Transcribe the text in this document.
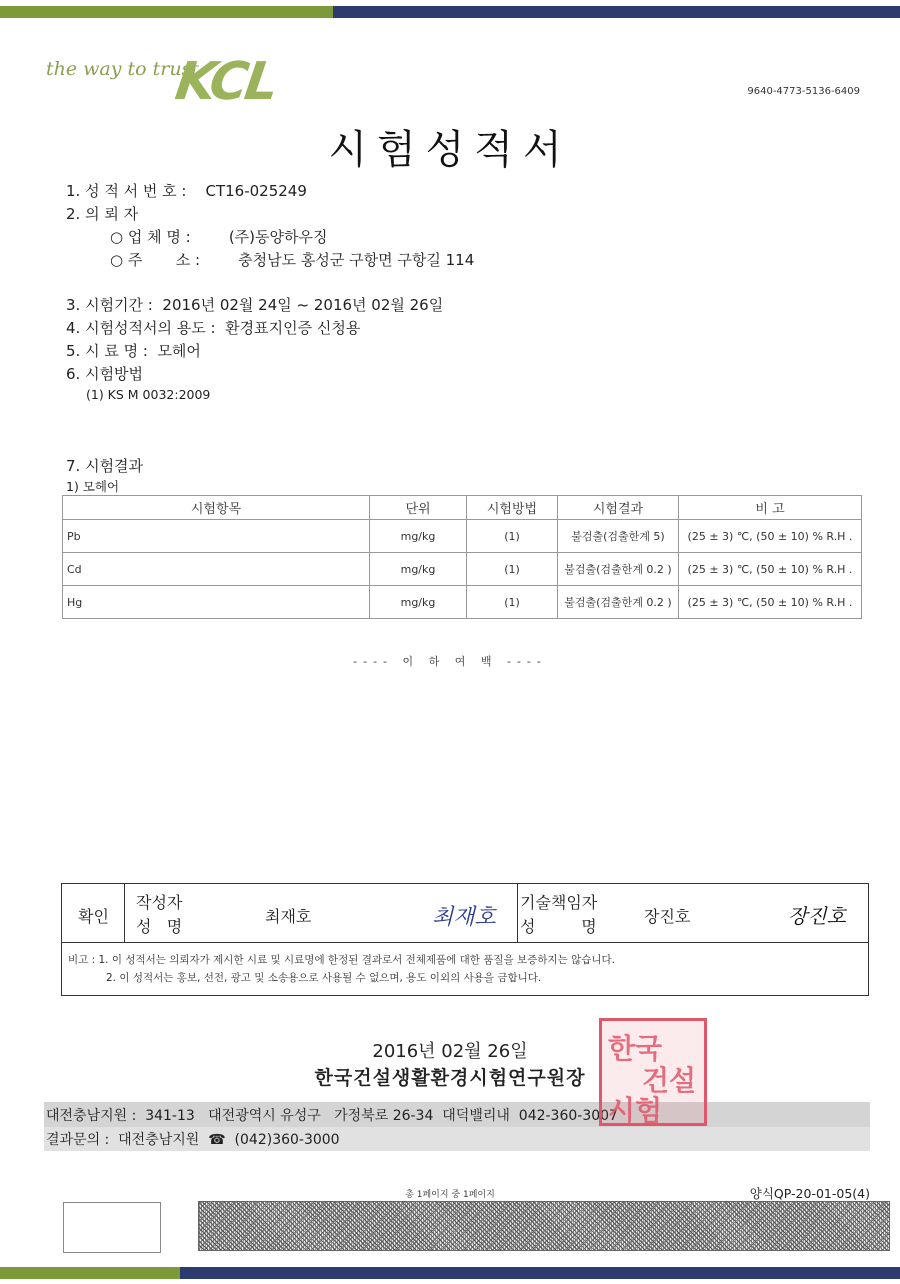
the way to trust
KCL	9640-4773-5136-6409
시험성적서
1. 성 적 서 번 호 :    CT16-025249
2. 의 뢰 자
○ 업 체 명 :        (주)동양하우징
○ 주       소 :        충청남도 홍성군 구항면 구항길 114
3. 시험기간 :  2016년 02월 24일 ~ 2016년 02월 26일
4. 시험성적서의 용도 :  환경표지인증 신청용
5. 시 료 명 :  모헤어
6. 시험방법
(1) KS M 0032:2009
7. 시험결과
1) 모헤어
시험항목	단위	시험방법	시험결과	비 고
Pb	mg/kg	(1)	불검출(검출한계 5)	(25 ± 3) ℃, (50 ± 10) % R.H .
Cd	mg/kg	(1)	불검출(검출한계 0.2 )	(25 ± 3) ℃, (50 ± 10) % R.H .
Hg	mg/kg	(1)	불검출(검출한계 0.2 )	(25 ± 3) ℃, (50 ± 10) % R.H .
---- 이 하 여 백 ----
확인
작성자
성   명
최재호	최재호
기술책임자
성         명
장진호	장진호
비고 : 1. 이 성적서는 의뢰자가 제시한 시료 및 시료명에 한정된 결과로서 전체제품에 대한 품질을 보증하지는 않습니다.
2. 이 성적서는 홍보, 선전, 광고 및 소송용으로 사용될 수 없으며, 용도 이외의 사용을 금합니다.
2016년 02월 26일
한국건설생활환경시험연구원장
대전충남지원 :  341-13   대전광역시 유성구   가정북로 26-34  대덕밸리내  042-360-3007
결과문의 :  대전충남지원  ☎  (042)360-3000
한국
건설
시험
총 1페이지 중 1페이지	양식QP-20-01-05(4)
